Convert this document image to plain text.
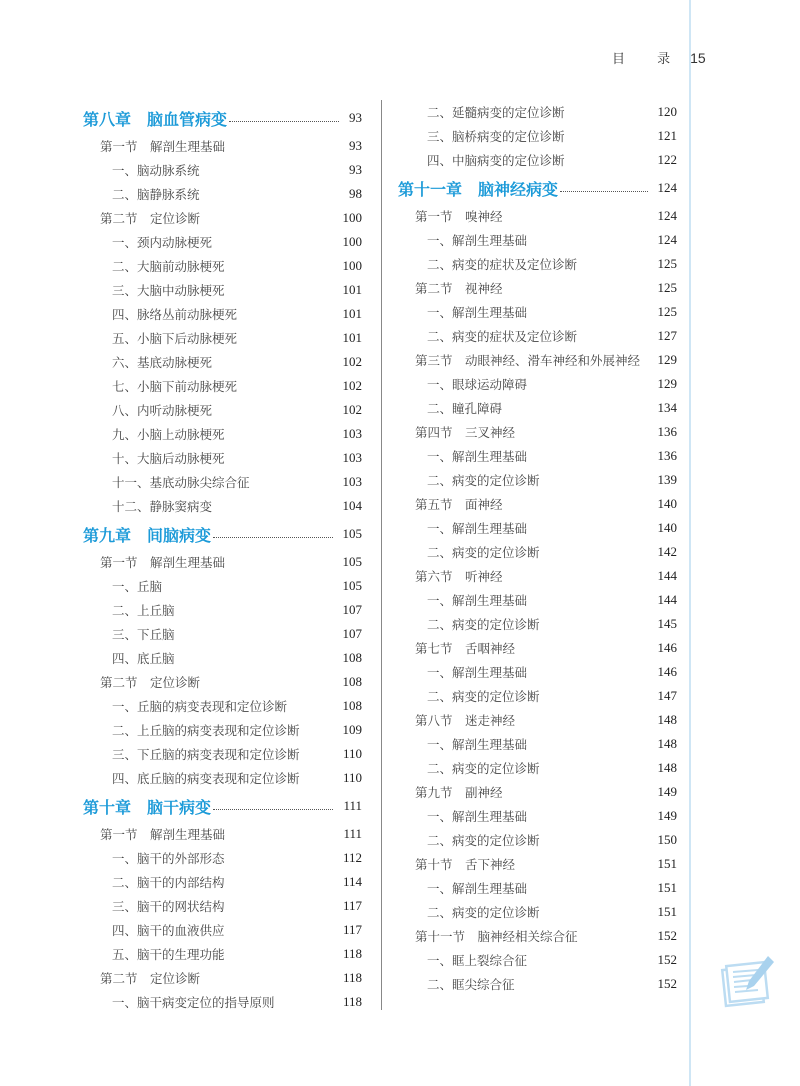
目 录 15
第八章 脑血管病变	93
第一节　解剖生理基础	93
一、脑动脉系统	93
二、脑静脉系统	98
第二节　定位诊断	100
一、颈内动脉梗死	100
二、大脑前动脉梗死	100
三、大脑中动脉梗死	101
四、脉络丛前动脉梗死	101
五、小脑下后动脉梗死	101
六、基底动脉梗死	102
七、小脑下前动脉梗死	102
八、内听动脉梗死	102
九、小脑上动脉梗死	103
十、大脑后动脉梗死	103
十一、基底动脉尖综合征	103
十二、静脉窦病变	104
第九章 间脑病变	105
第一节　解剖生理基础	105
一、丘脑	105
二、上丘脑	107
三、下丘脑	107
四、底丘脑	108
第二节　定位诊断	108
一、丘脑的病变表现和定位诊断	108
二、上丘脑的病变表现和定位诊断	109
三、下丘脑的病变表现和定位诊断	110
四、底丘脑的病变表现和定位诊断	110
第十章 脑干病变	111
第一节　解剖生理基础	111
一、脑干的外部形态	112
二、脑干的内部结构	114
三、脑干的网状结构	117
四、脑干的血液供应	117
五、脑干的生理功能	118
第二节　定位诊断	118
一、脑干病变定位的指导原则	118
二、延髓病变的定位诊断	120
三、脑桥病变的定位诊断	121
四、中脑病变的定位诊断	122
第十一章 脑神经病变	124
第一节　嗅神经	124
一、解剖生理基础	124
二、病变的症状及定位诊断	125
第二节　视神经	125
一、解剖生理基础	125
二、病变的症状及定位诊断	127
第三节　动眼神经、滑车神经和外展神经 129
一、眼球运动障碍	129
二、瞳孔障碍	134
第四节　三叉神经	136
一、解剖生理基础	136
二、病变的定位诊断	139
第五节　面神经	140
一、解剖生理基础	140
二、病变的定位诊断	142
第六节　听神经	144
一、解剖生理基础	144
二、病变的定位诊断	145
第七节　舌咽神经	146
一、解剖生理基础	146
二、病变的定位诊断	147
第八节　迷走神经	148
一、解剖生理基础	148
二、病变的定位诊断	148
第九节　副神经	149
一、解剖生理基础	149
二、病变的定位诊断	150
第十节　舌下神经	151
一、解剖生理基础	151
二、病变的定位诊断	151
第十一节　脑神经相关综合征	152
一、眶上裂综合征	152
二、眶尖综合征	152
